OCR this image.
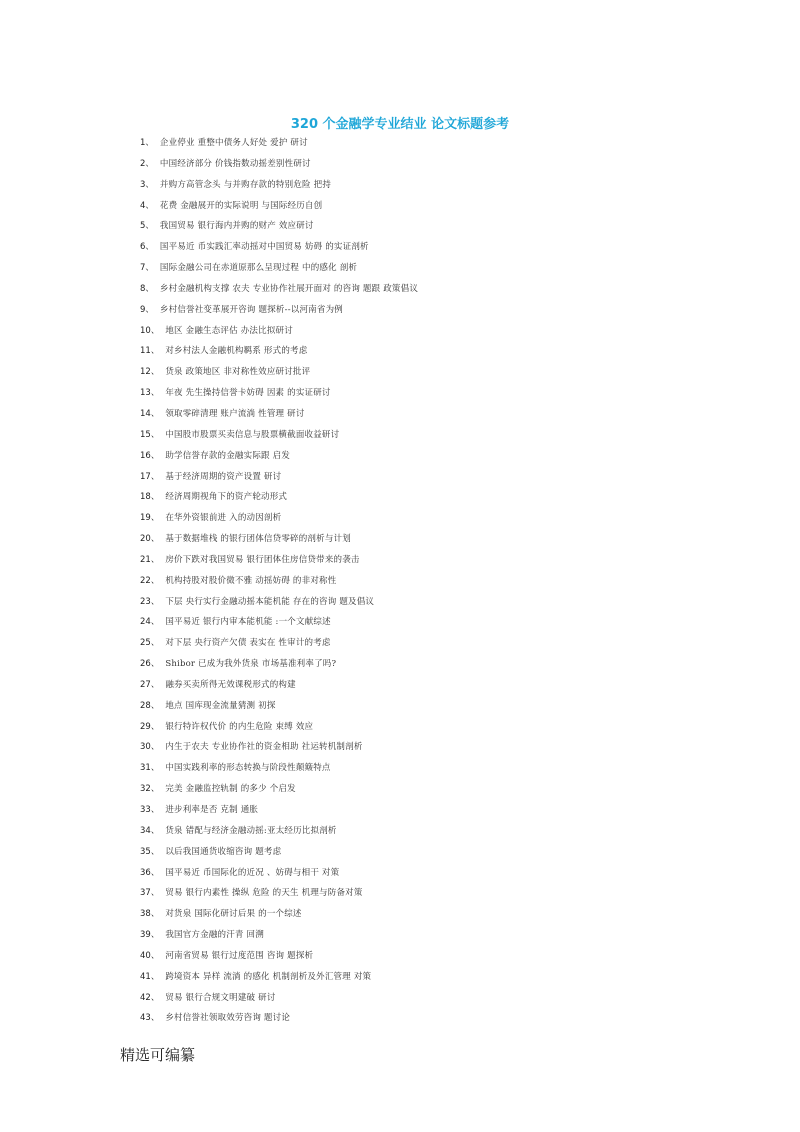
320 个金融学专业结业 论文标题参考
1、 企业停业 重整中债务人好处 爱护 研讨
2、 中国经济部分 价钱指数动摇差别性研讨
3、 并购方高管念头 与并购存款的特别危险 把持
4、 花费 金融展开的实际说明 与国际经历自创
5、 我国贸易 银行海内并购的财产 效应研讨
6、 国平易近 币实践汇率动摇对中国贸易 妨碍 的实证剖析
7、 国际金融公司在赤道原那么呈现过程 中的感化 剖析
8、 乡村金融机构支撑 农夫 专业协作社展开面对 的咨询 题跟 政策倡议
9、 乡村信誉社变革展开咨询 题探析--以河南省为例
10、 地区 金融生态评估 办法比拟研讨
11、 对乡村法人金融机构羁系 形式的考虑
12、 货泉 政策地区 非对称性效应研讨批评
13、 年夜 先生操持信誉卡妨碍 因素 的实证研讨
14、 领取零碎清理 账户流淌 性管理 研讨
15、 中国股市股票买卖信息与股票横截面收益研讨
16、 助学信誉存款的金融实际跟 启发
17、 基于经济周期的资产设置 研讨
18、 经济周期视角下的资产轮动形式
19、 在华外资银前进 入的动因剖析
20、 基于数据堆栈 的银行团体信贷零碎的剖析与计划
21、 房价下跌对我国贸易 银行团体住房信贷带来的袭击
22、 机构持股对股价微不雅 动摇妨碍 的非对称性
23、 下层 央行实行金融动摇本能机能 存在的咨询 题及倡议
24、 国平易近 银行内审本能机能 :一个文献综述
25、 对下层 央行资产欠债 表实在 性审计的考虑
26、 Shibor 已成为我外货泉 市场基准利率了吗?
27、 融券买卖所得无效课税形式的构建
28、 地点 国库现金流量猜测 初探
29、 银行特许权代价 的内生危险 束缚 效应
30、 内生于农夫 专业协作社的资金相助 社运转机制剖析
31、 中国实践利率的形态转换与阶段性颠簸特点
32、 完美 金融监控轨制 的多少 个启发
33、 进步利率是否 克制 通胀
34、 货泉 错配与经济金融动摇:亚太经历比拟剖析
35、 以后我国通货收缩咨询 题考虑
36、 国平易近 币国际化的近况 、妨碍与相干 对策
37、 贸易 银行内素性 操纵 危险 的天生 机理与防备对策
38、 对货泉 国际化研讨后果 的一个综述
39、 我国官方金融的汗青 回溯
40、 河南省贸易 银行过度范围 咨询 题探析
41、 跨境资本 异样 流淌 的感化 机制剖析及外汇管理 对策
42、 贸易 银行合规文明建破 研讨
43、 乡村信誉社领取效劳咨询 题讨论
精选可编纂
